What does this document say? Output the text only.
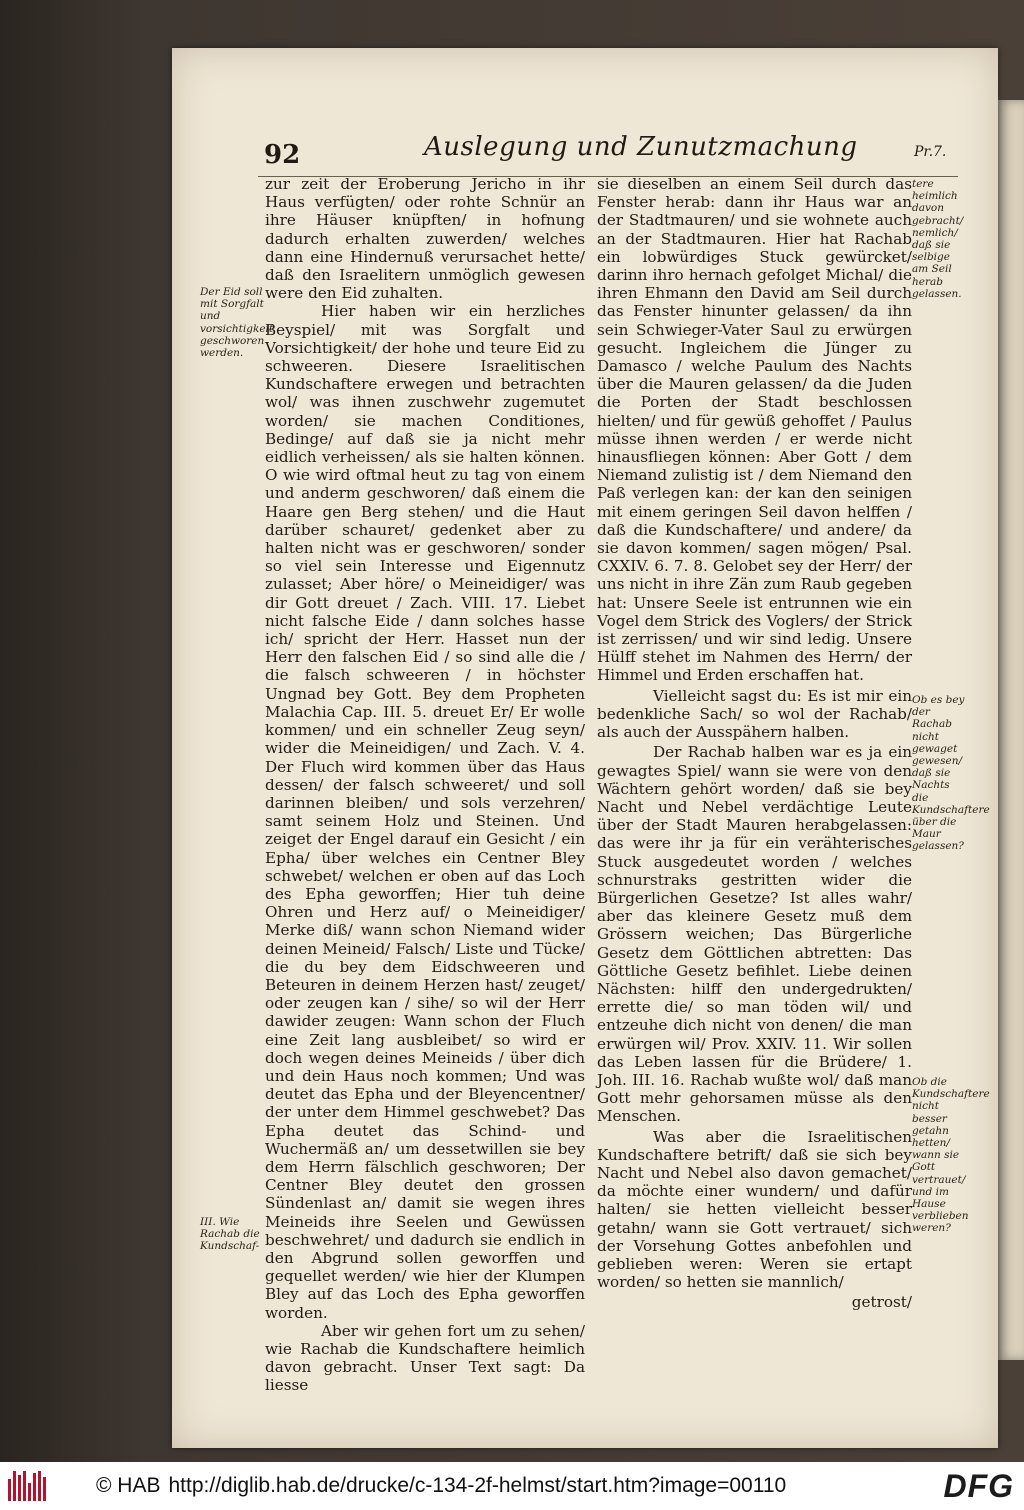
92	Auslegung und Zunutzmachung	Pr.7.
Der Eid soll mit Sorgfalt und vorsichtigkeit geschworen werden.
III. Wie Rachab die Kundschaf-

zur zeit der Eroberung Jericho in ihr Haus verfügten/ oder rohte Schnür an ihre Häuser knüpften/ in hofnung dadurch erhalten zuwerden/ welches dann eine Hindernuß verursachet hette/ daß den Israelitern unmöglich gewesen were den Eid zuhalten.

Hier haben wir ein herzliches Beyspiel/ mit was Sorgfalt und Vorsichtigkeit/ der hohe und teure Eid zu schweeren. Diesere Israelitischen Kundschaftere erwegen und betrachten wol/ was ihnen zuschwehr zugemutet worden/ sie machen Conditiones, Bedinge/ auf daß sie ja nicht mehr eidlich verheissen/ als sie halten können. O wie wird oftmal heut zu tag von einem und anderm geschworen/ daß einem die Haare gen Berg stehen/ und die Haut darüber schauret/ gedenket aber zu halten nicht was er geschworen/ sonder so viel sein Interesse und Eigennutz zulasset; Aber höre/ o Meineidiger/ was dir Gott dreuet / Zach. VIII. 17. Liebet nicht falsche Eide / dann solches hasse ich/ spricht der Herr. Hasset nun der Herr den falschen Eid / so sind alle die / die falsch schweeren / in höchster Ungnad bey Gott. Bey dem Propheten Malachia Cap. III. 5. dreuet Er/ Er wolle kommen/ und ein schneller Zeug seyn/ wider die Meineidigen/ und Zach. V. 4. Der Fluch wird kommen über das Haus dessen/ der falsch schweeret/ und soll darinnen bleiben/ und sols verzehren/ samt seinem Holz und Steinen. Und zeiget der Engel darauf ein Gesicht / ein Epha/ über welches ein Centner Bley schwebet/ welchen er oben auf das Loch des Epha geworffen; Hier tuh deine Ohren und Herz auf/ o Meineidiger/ Merke diß/ wann schon Niemand wider deinen Meineid/ Falsch/ Liste und Tücke/ die du bey dem Eidschweeren und Beteuren in deinem Herzen hast/ zeuget/ oder zeugen kan / sihe/ so wil der Herr dawider zeugen: Wann schon der Fluch eine Zeit lang ausbleibet/ so wird er doch wegen deines Meineids / über dich und dein Haus noch kommen; Und was deutet das Epha und der Bleyencentner/ der unter dem Himmel geschwebet? Das Epha deutet das Schind- und Wuchermäß an/ um dessetwillen sie bey dem Herrn fälschlich geschworen; Der Centner Bley deutet den grossen Sündenlast an/ damit sie wegen ihres Meineids ihre Seelen und Gewüssen beschwehret/ und dadurch sie endlich in den Abgrund sollen geworffen und gequellet werden/ wie hier der Klumpen Bley auf das Loch des Epha geworffen worden.

Aber wir gehen fort um zu sehen/ wie Rachab die Kundschaftere heimlich davon gebracht. Unser Text sagt: Da liesse

sie dieselben an einem Seil durch das Fenster herab: dann ihr Haus war an der Stadtmauren/ und sie wohnete auch an der Stadtmauren. Hier hat Rachab ein lobwürdiges Stuck gewürcket/ darinn ihro hernach gefolget Michal/ die ihren Ehmann den David am Seil durch das Fenster hinunter gelassen/ da ihn sein Schwieger-Vater Saul zu erwürgen gesucht. Ingleichem die Jünger zu Damasco / welche Paulum des Nachts über die Mauren gelassen/ da die Juden die Porten der Stadt beschlossen hielten/ und für gewüß gehoffet / Paulus müsse ihnen werden / er werde nicht hinausfliegen können: Aber Gott / dem Niemand zulistig ist / dem Niemand den Paß verlegen kan: der kan den seinigen mit einem geringen Seil davon helffen / daß die Kundschaftere/ und andere/ da sie davon kommen/ sagen mögen/ Psal. CXXIV. 6. 7. 8. Gelobet sey der Herr/ der uns nicht in ihre Zän zum Raub gegeben hat: Unsere Seele ist entrunnen wie ein Vogel dem Strick des Voglers/ der Strick ist zerrissen/ und wir sind ledig. Unsere Hülff stehet im Nahmen des Herrn/ der Himmel und Erden erschaffen hat.

Vielleicht sagst du: Es ist mir ein bedenkliche Sach/ so wol der Rachab/ als auch der Ausspähern halben.

Der Rachab halben war es ja ein gewagtes Spiel/ wann sie were von den Wächtern gehört worden/ daß sie bey Nacht und Nebel verdächtige Leute über der Stadt Mauren herabgelassen: das were ihr ja für ein verähterisches Stuck ausgedeutet worden / welches schnurstraks gestritten wider die Bürgerlichen Gesetze? Ist alles wahr/ aber das kleinere Gesetz muß dem Grössern weichen; Das Bürgerliche Gesetz dem Göttlichen abtretten: Das Göttliche Gesetz befihlet. Liebe deinen Nächsten: hilff den undergedrukten/ errette die/ so man töden wil/ und entzeuhe dich nicht von denen/ die man erwürgen wil/ Prov. XXIV. 11. Wir sollen das Leben lassen für die Brüdere/ 1. Joh. III. 16. Rachab wußte wol/ daß man Gott mehr gehorsamen müsse als den Menschen.

Was aber die Israelitischen Kundschaftere betrift/ daß sie sich bey Nacht und Nebel also davon gemachet/ da möchte einer wundern/ und dafür halten/ sie hetten vielleicht besser getahn/ wann sie Gott vertrauet/ sich der Vorsehung Gottes anbefohlen und geblieben weren: Weren sie ertapt worden/ so hetten sie mannlich/

getrost/
tere heimlich davon gebracht/ nemlich/ daß sie selbige am Seil herab gelassen.
Ob es bey der Rachab nicht gewaget gewesen/ daß sie Nachts die Kundschaftere über die Maur gelassen?
Ob die Kundschaftere nicht besser getahn hetten/ wann sie Gott vertrauet/ und im Hause verblieben weren?
© HAB http://diglib.hab.de/drucke/c-134-2f-helmst/start.htm?image=00110	DFG
